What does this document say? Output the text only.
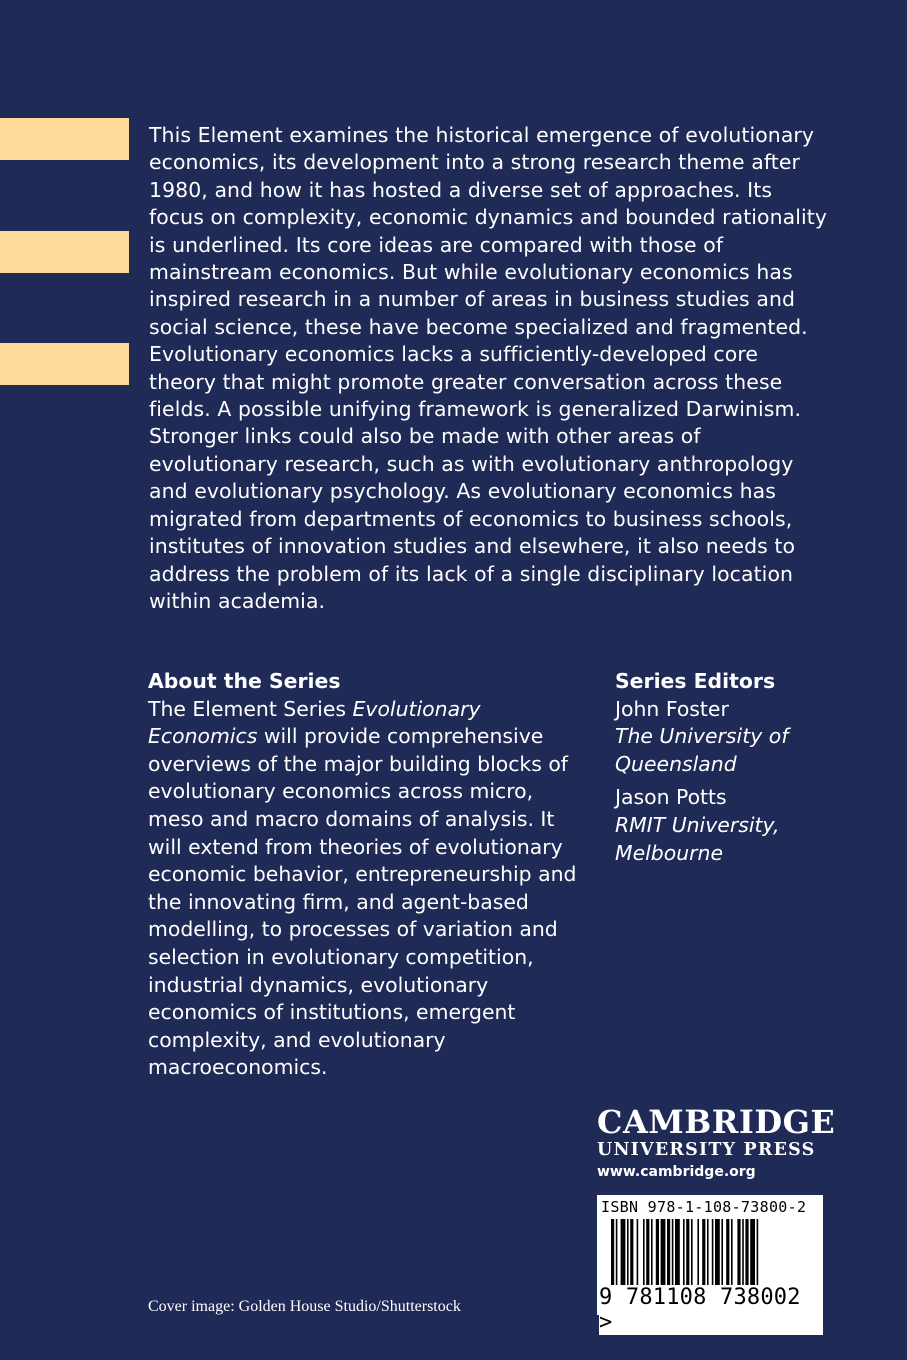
This Element examines the historical emergence of evolutionary economics, its development into a strong research theme after 1980, and how it has hosted a diverse set of approaches. Its focus on complexity, economic dynamics and bounded rationality is underlined. Its core ideas are compared with those of mainstream economics. But while evolutionary economics has inspired research in a number of areas in business studies and social science, these have become specialized and fragmented. Evolutionary economics lacks a sufficiently-developed core theory that might promote greater conversation across these fields. A possible unifying framework is generalized Darwinism. Stronger links could also be made with other areas of evolutionary research, such as with evolutionary anthropology and evolutionary psychology. As evolutionary economics has migrated from departments of economics to business schools, institutes of innovation studies and elsewhere, it also needs to address the problem of its lack of a single disciplinary location within academia.

About the Series
The Element Series Evolutionary Economics will provide comprehensive overviews of the major building blocks of evolutionary economics across micro, meso and macro domains of analysis. It will extend from theories of evolutionary economic behavior, entrepreneurship and the innovating firm, and agent-based modelling, to processes of variation and selection in evolutionary competition, industrial dynamics, evolutionary economics of institutions, emergent complexity, and evolutionary macroeconomics.
Series Editors
John Foster
The University of Queensland
Jason Potts
RMIT University, Melbourne
CAMBRIDGE
UNIVERSITY PRESS
www.cambridge.org
ISBN 978-1-108-73800-2
9 781108 738002 >
Cover image: Golden House Studio/Shutterstock
